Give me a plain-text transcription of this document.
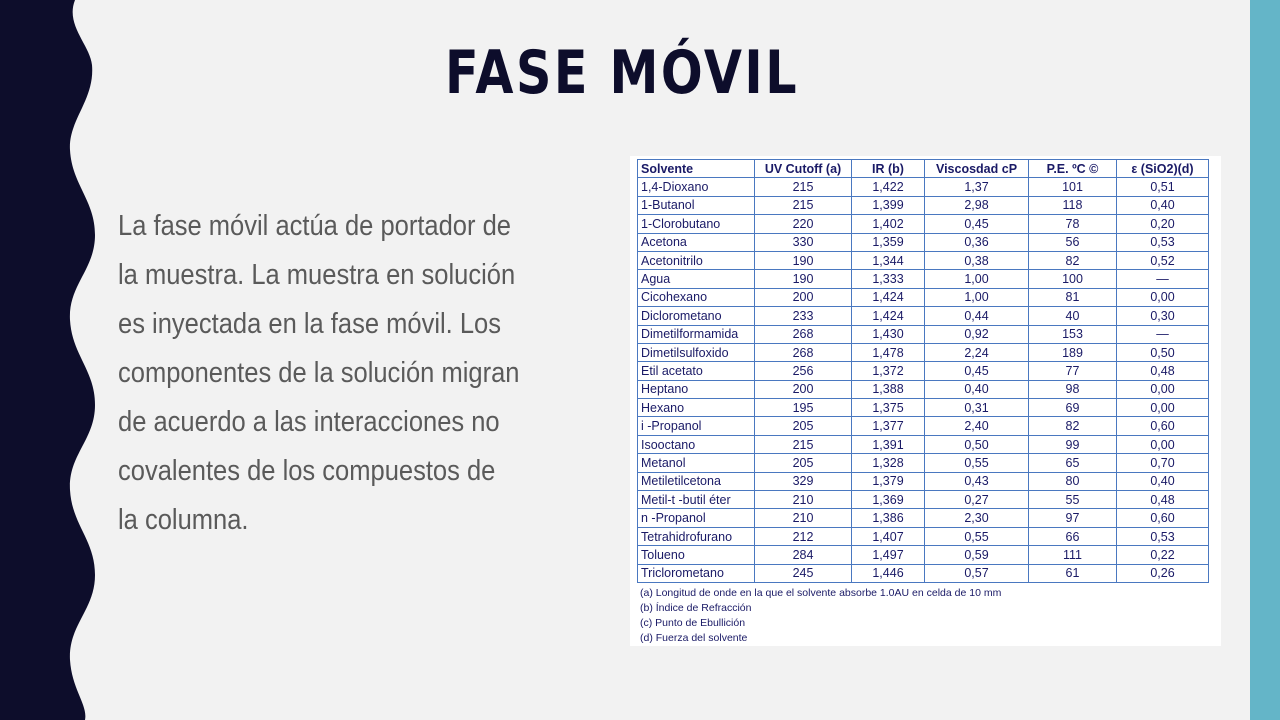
FASE MÓVIL
La fase móvil actúa de portador de
la muestra. La muestra en solución
es inyectada en la fase móvil. Los
componentes de la solución migran
de acuerdo a las interacciones no
covalentes de los compuestos de
la columna.
Solvente	UV Cutoff (a)	IR (b)	Viscosdad cP	P.E. ºC ©	ε (SiO2)(d)
1,4-Dioxano	215	1,422	1,37	101	0,51
1-Butanol	215	1,399	2,98	118	0,40
1-Clorobutano	220	1,402	0,45	78	0,20
Acetona	330	1,359	0,36	56	0,53
Acetonitrilo	190	1,344	0,38	82	0,52
Agua	190	1,333	1,00	100	—
Cicohexano	200	1,424	1,00	81	0,00
Diclorometano	233	1,424	0,44	40	0,30
Dimetilformamida	268	1,430	0,92	153	—
Dimetilsulfoxido	268	1,478	2,24	189	0,50
Etil acetato	256	1,372	0,45	77	0,48
Heptano	200	1,388	0,40	98	0,00
Hexano	195	1,375	0,31	69	0,00
i -Propanol	205	1,377	2,40	82	0,60
Isooctano	215	1,391	0,50	99	0,00
Metanol	205	1,328	0,55	65	0,70
Metiletilcetona	329	1,379	0,43	80	0,40
Metil-t -butil éter	210	1,369	0,27	55	0,48
n -Propanol	210	1,386	2,30	97	0,60
Tetrahidrofurano	212	1,407	0,55	66	0,53
Tolueno	284	1,497	0,59	111	0,22
Triclorometano	245	1,446	0,57	61	0,26
(a) Longitud de onde en la que el solvente absorbe 1.0AU en celda de 10 mm
(b) Índice de Refracción
(c) Punto de Ebullición
(d) Fuerza del solvente
